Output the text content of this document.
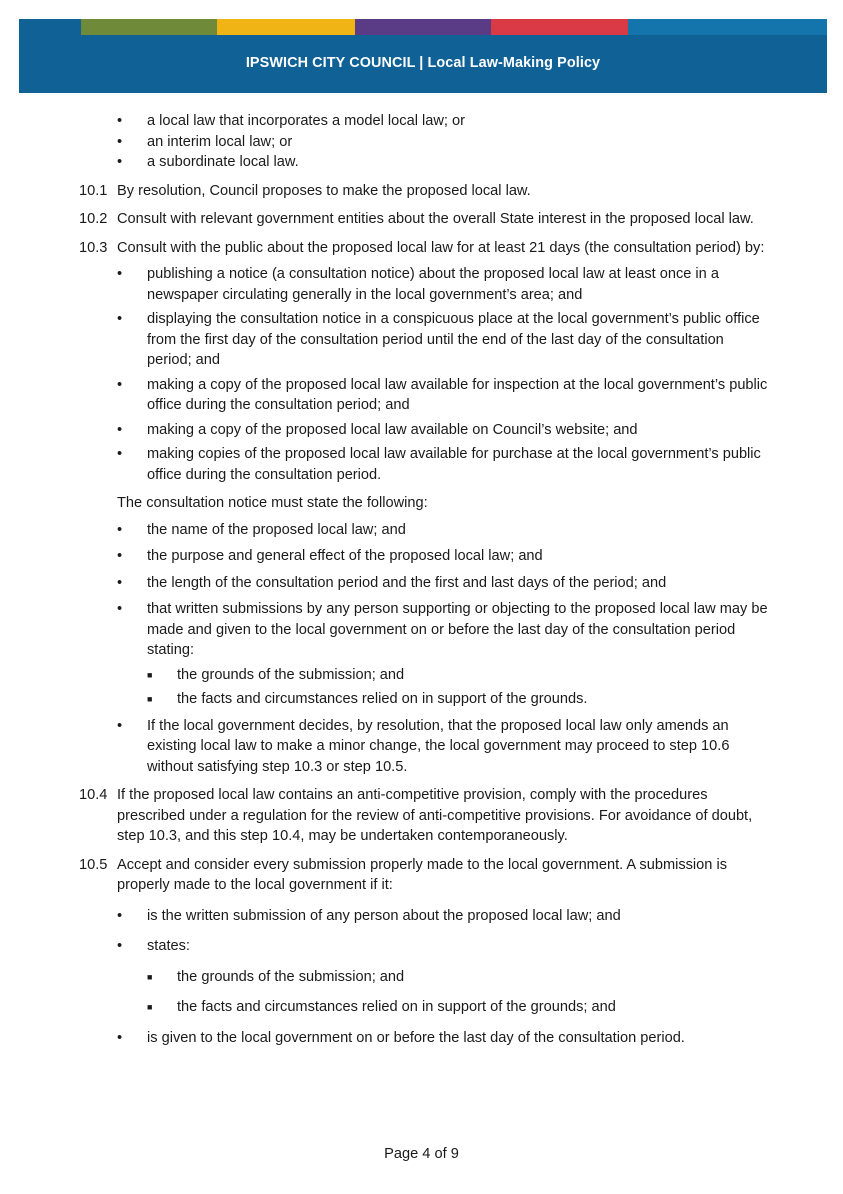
IPSWICH CITY COUNCIL | Local Law-Making Policy
•	a local law that incorporates a model local law; or
•	an interim local law; or
•	a subordinate local law.
10.1 By resolution, Council proposes to make the proposed local law.
10.2 Consult with relevant government entities about the overall State interest in the proposed local law.
10.3 Consult with the public about the proposed local law for at least 21 days (the consultation period) by:
•	publishing a notice (a consultation notice) about the proposed local law at least once in a newspaper circulating generally in the local government’s area; and
•	displaying the consultation notice in a conspicuous place at the local government’s public office from the first day of the consultation period until the end of the last day of the consultation period; and
•	making a copy of the proposed local law available for inspection at the local government’s public office during the consultation period; and
•	making a copy of the proposed local law available on Council’s website; and
•	making copies of the proposed local law available for purchase at the local government’s public office during the consultation period.
The consultation notice must state the following:
•	the name of the proposed local law; and
•	the purpose and general effect of the proposed local law; and
•	the length of the consultation period and the first and last days of the period; and
•	that written submissions by any person supporting or objecting to the proposed local law may be made and given to the local government on or before the last day of the consultation period stating:
■	the grounds of the submission; and
■	the facts and circumstances relied on in support of the grounds.
•	If the local government decides, by resolution, that the proposed local law only amends an existing local law to make a minor change, the local government may proceed to step 10.6 without satisfying step 10.3 or step 10.5.
10.4 If the proposed local law contains an anti-competitive provision, comply with the procedures prescribed under a regulation for the review of anti-competitive provisions. For avoidance of doubt, step 10.3, and this step 10.4, may be undertaken contemporaneously.
10.5 Accept and consider every submission properly made to the local government. A submission is properly made to the local government if it:
•	is the written submission of any person about the proposed local law; and
•	states:
■	the grounds of the submission; and
■	the facts and circumstances relied on in support of the grounds; and
•	is given to the local government on or before the last day of the consultation period.
Page 4 of 9
